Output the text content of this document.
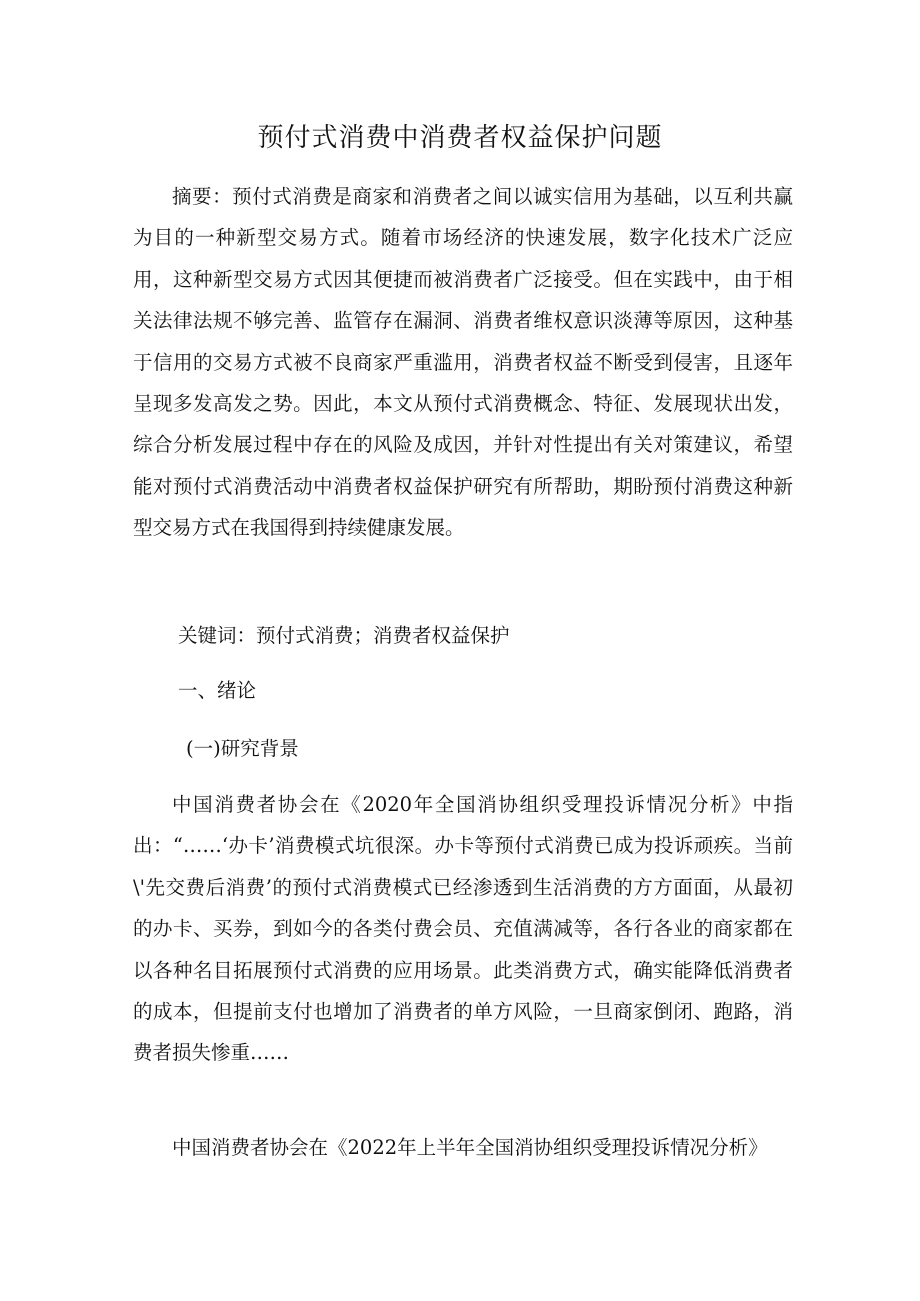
预付式消费中消费者权益保护问题

摘要：预付式消费是商家和消费者之间以诚实信用为基础，以互利共赢为目的一种新型交易方式。随着市场经济的快速发展，数字化技术广泛应用，这种新型交易方式因其便捷而被消费者广泛接受。但在实践中，由于相关法律法规不够完善、监管存在漏洞、消费者维权意识淡薄等原因，这种基于信用的交易方式被不良商家严重滥用，消费者权益不断受到侵害，且逐年呈现多发高发之势。因此，本文从预付式消费概念、特征、发展现状出发，综合分析发展过程中存在的风险及成因，并针对性提出有关对策建议，希望能对预付式消费活动中消费者权益保护研究有所帮助，期盼预付消费这种新型交易方式在我国得到持续健康发展。

关键词：预付式消费；消费者权益保护
一、绪论
(一)研究背景

中国消费者协会在《2020年全国消协组织受理投诉情况分析》中指出：“……‘办卡’消费模式坑很深。办卡等预付式消费已成为投诉顽疾。当前\'先交费后消费’的预付式消费模式已经渗透到生活消费的方方面面，从最初的办卡、买券，到如今的各类付费会员、充值满减等，各行各业的商家都在以各种名目拓展预付式消费的应用场景。此类消费方式，确实能降低消费者的成本，但提前支付也增加了消费者的单方风险，一旦商家倒闭、跑路，消费者损失惨重……

中国消费者协会在《2022年上半年全国消协组织受理投诉情况分析》
